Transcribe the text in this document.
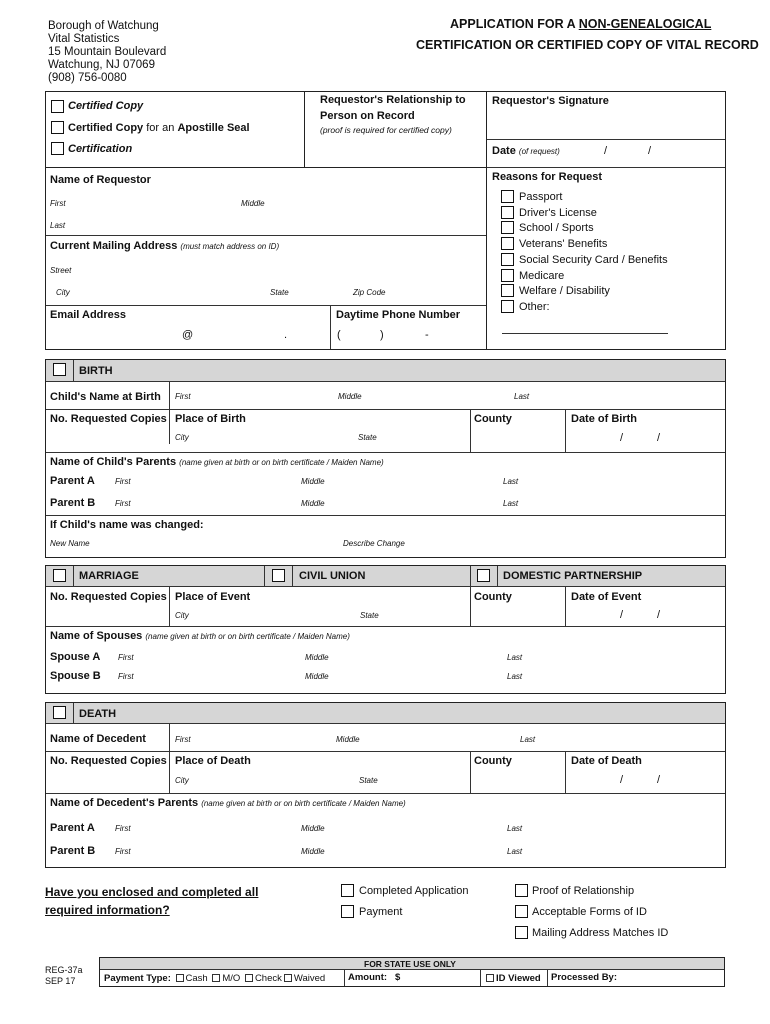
Borough of Watchung
Vital Statistics
15 Mountain Boulevard
Watchung, NJ 07069
(908) 756-0080
APPLICATION FOR A NON-GENEALOGICAL
CERTIFICATION OR CERTIFIED COPY OF VITAL RECORD
Certified Copy
Certified Copy for an Apostille Seal
Certification
Requestor's Relationship to
Person on Record
(proof is required for certified copy)
Requestor's Signature
Date (of request)	/	/
Reasons for Request
Passport
Driver's License
School / Sports
Veterans' Benefits
Social Security Card / Benefits
Medicare
Welfare / Disability
Other:
Name of Requestor
First	Middle
Last
Current Mailing Address (must match address on ID)
Street
City	State	Zip Code
Email Address
@	.
Daytime Phone Number
(	)	-
BIRTH
Child's Name at Birth First	Middle	Last
No. Requested Copies Place of Birth	County	Date of Birth
City	State	/	/
Name of Child's Parents (name given at birth or on birth certificate / Maiden Name)
Parent A	First	Middle	Last
Parent B First	Middle	Last
If Child's name was changed:
New Name	Describe Change
MARRIAGE	CIVIL UNION	DOMESTIC PARTNERSHIP
No. Requested Copies Place of Event	County	Date of Event
City	State	/	/
Name of Spouses (name given at birth or on birth certificate / Maiden Name)
Spouse A First	Middle	Last
Spouse B First	Middle	Last
DEATH
Name of Decedent	First	Middle	Last
No. Requested Copies Place of Death	County	Date of Death
City	State	/	/
Name of Decedent's Parents (name given at birth or on birth certificate / Maiden Name)
Parent A	First	Middle	Last
Parent B First	Middle	Last
Have you enclosed and completed all
required information?
Completed Application
Payment
Proof of Relationship
Acceptable Forms of ID
Mailing Address Matches ID
REG-37a
SEP 17
FOR STATE USE ONLY
Payment Type: Cash M/O Check Waived Amount: $	ID Viewed Processed By:
